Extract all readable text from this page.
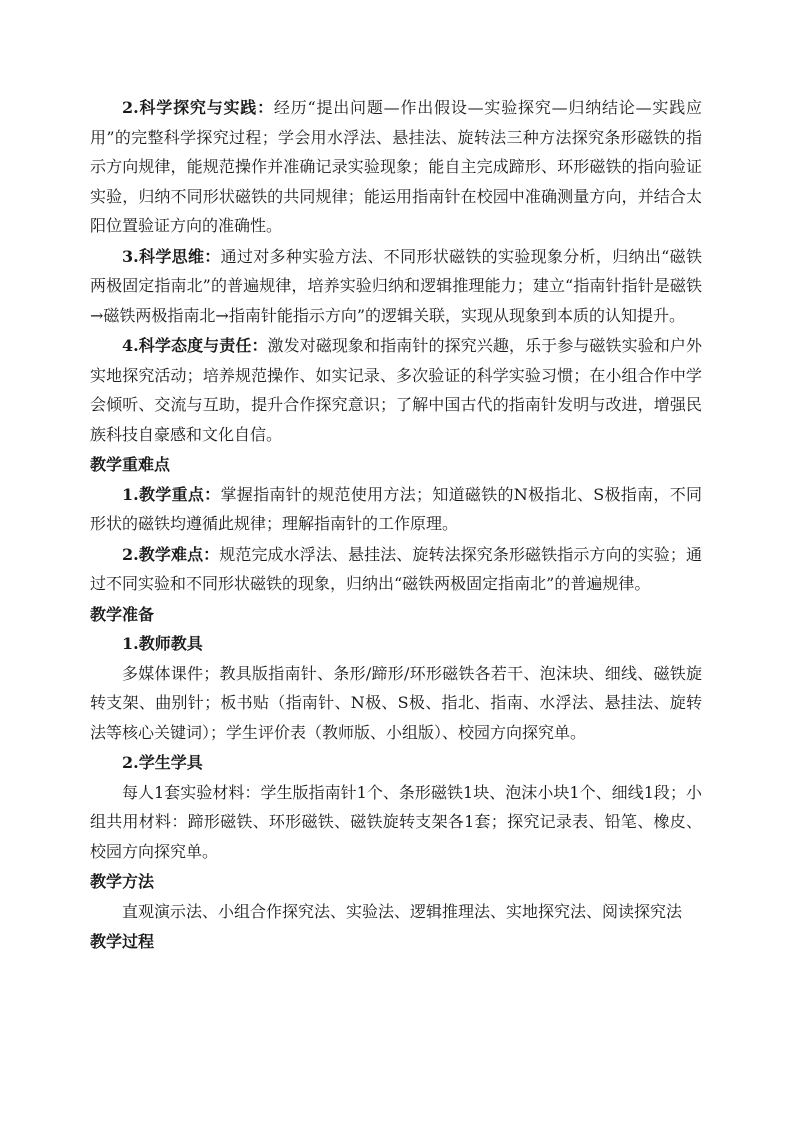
2.科学探究与实践：经历“提出问题—作出假设—实验探究—归纳结论—实践应用”的完整科学探究过程；学会用水浮法、悬挂法、旋转法三种方法探究条形磁铁的指示方向规律，能规范操作并准确记录实验现象；能自主完成蹄形、环形磁铁的指向验证实验，归纳不同形状磁铁的共同规律；能运用指南针在校园中准确测量方向，并结合太阳位置验证方向的准确性。

3.科学思维：通过对多种实验方法、不同形状磁铁的实验现象分析，归纳出“磁铁两极固定指南北”的普遍规律，培养实验归纳和逻辑推理能力；建立“指南针指针是磁铁→磁铁两极指南北→指南针能指示方向”的逻辑关联，实现从现象到本质的认知提升。

4.科学态度与责任：激发对磁现象和指南针的探究兴趣，乐于参与磁铁实验和户外实地探究活动；培养规范操作、如实记录、多次验证的科学实验习惯；在小组合作中学会倾听、交流与互助，提升合作探究意识；了解中国古代的指南针发明与改进，增强民族科技自豪感和文化自信。

教学重难点

1.教学重点：掌握指南针的规范使用方法；知道磁铁的N极指北、S极指南，不同形状的磁铁均遵循此规律；理解指南针的工作原理。

2.教学难点：规范完成水浮法、悬挂法、旋转法探究条形磁铁指示方向的实验；通过不同实验和不同形状磁铁的现象，归纳出“磁铁两极固定指南北”的普遍规律。

教学准备

1.教师教具

多媒体课件；教具版指南针、条形/蹄形/环形磁铁各若干、泡沫块、细线、磁铁旋转支架、曲别针；板书贴（指南针、N极、S极、指北、指南、水浮法、悬挂法、旋转法等核心关键词）；学生评价表（教师版、小组版）、校园方向探究单。

2.学生学具

每人1套实验材料：学生版指南针1个、条形磁铁1块、泡沫小块1个、细线1段；小组共用材料：蹄形磁铁、环形磁铁、磁铁旋转支架各1套；探究记录表、铅笔、橡皮、校园方向探究单。

教学方法

直观演示法、小组合作探究法、实验法、逻辑推理法、实地探究法、阅读探究法

教学过程
